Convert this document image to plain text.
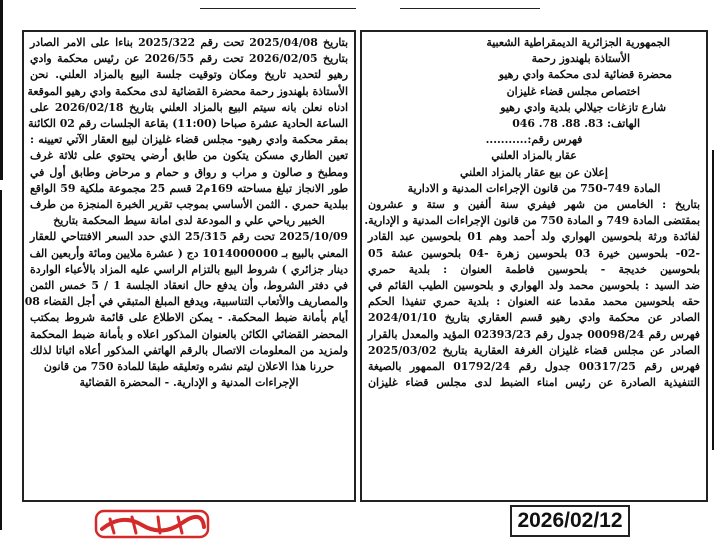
الجمهورية الجزائرية الديمقراطية الشعبية

الأستاذة بلهندوز رحمة

محضرة قضائية لدى محكمة وادي رهيو

اختصاص مجلس قضاء غليزان

شارع تازغات جيلالي بلدية وادي رهيو

الهاتف: 83. 88. 78. 046

فهرس رقم:...........

عقار بالمزاد العلني

إعلان عن بيع عقار بالمزاد العلني

المادة 749-750 من قانون الإجراءات المدنية و الادارية

بتاريخ : الخامس من شهر فيفري سنة ألفين و ستة و عشرون

بمقتضى المادة 749 و المادة 750 من قانون الإجراءات المدنية و الإدارية.

لفائدة ورثة بلحوسين الهواري ولد أحمد وهم 01 بلحوسين عبد القادر

-02- بلحوسين خيرة 03 بلحوسين زهرة -04 بلحوسين عشة 05

بلحوسين خديجة - بلحوسين فاطمة العنوان : بلدية حمري

ضد السيد : بلحوسين محمد ولد الهواري و بلحوسين الطيب القائم في

حقه بلحوسين محمد مقدما عنه العنوان : بلدية حمري تنفيذا الحكم

الصادر عن محكمة وادي رهيو قسم العقاري بتاريخ 2024/01/10

فهرس رقم 00098/24 جدول رقم 02393/23 المؤيد والمعدل بالقرار

الصادر عن مجلس قضاء غليزان الغرفة العقارية بتاريخ 2025/03/02

فهرس رقم 00317/25 جدول رقم 01792/24 الممهور بالصيغة

التنفيذية الصادرة عن رئيس امناء الضبط لدى مجلس قضاء غليزان

بتاريخ 2025/04/08 تحت رقم 2025/322 بناءا على الامر الصادر

بتاريخ 2026/02/05 تحت رقم 2026/55 عن رئيس محكمة وادي

رهيو لتحديد تاريخ ومكان وتوقيت جلسة البيع بالمزاد العلني. نحن

الأستاذة بلهندوز رحمة محضرة القضائية لدى محكمة وادي رهيو الموقعة

ادناه نعلن بانه سيتم البيع بالمزاد العلني بتاريخ 2026/02/18 على

الساعة الحادية عشرة صباحا (11:00) بقاعة الجلسات رقم 02 الكائنة

بمقر محكمة وادي رهيو- مجلس قضاء غليزان لبيع العقار الآتي تعيينه :

تعين الطاري مسكن يتكون من طابق أرضي يحتوي على ثلاثة غرف

ومطبخ و صالون و مراب و رواق و حمام و مرحاض وطابق أول في

طور الانجاز تبلغ مساحته 169م2 قسم 25 مجموعة ملكية 59 الواقع

ببلدية حمري . الثمن الأساسي بموجب تقرير الخبرة المنجزة من طرف

الخبير رياحي علي و المودعة لدى امانة سيط المحكمة بتاريخ

2025/10/09 تحت رقم 25/315 الذي حدد السعر الافتتاحي للعقار

المعني بالبيع بـ 1014000000 دج ( عشرة ملايين ومائة وأربعين الف

دينار جزائري ) شروط البيع بالتزام الراسي عليه المزاد بالأعباء الواردة

في دفتر الشروط، وأن يدفع حال انعقاد الجلسة 1 / 5 خمس الثمن

والمصاريف والأتعاب التناسبية، ويدفع المبلغ المتبقي في أجل القضاء 08

أيام بأمانة ضبط المحكمة. - يمكن الاطلاع على قائمة شروط بمكتب

المحضر القضائي الكائن بالعنوان المذكور اعلاه و بأمانة ضبط المحكمة

ولمزيد من المعلومات الاتصال بالرقم الهاتفي المذكور أعلاه اثباتا لذلك

حررنا هذا الاعلان ليتم نشره وتعليقه طبقا للمادة 750 من قانون

الإجراءات المدنية و الإدارية. - المحضرة القضائية

2026/02/12
